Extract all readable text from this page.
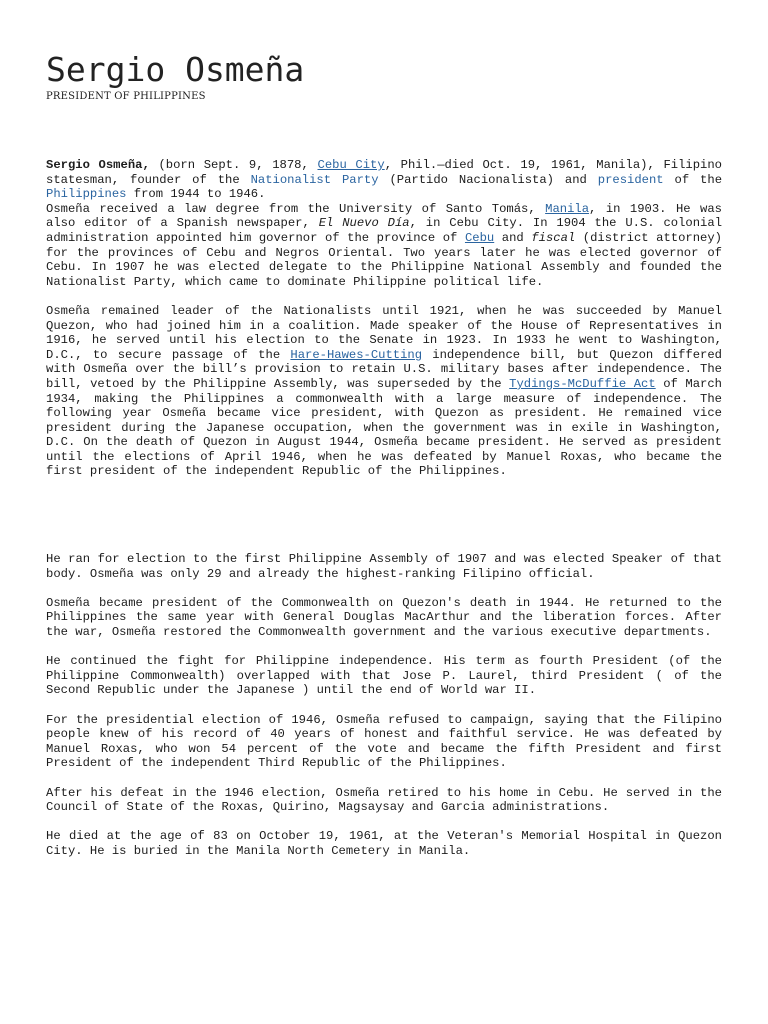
Sergio Osmeña
PRESIDENT OF PHILIPPINES

Sergio Osmeña, (born Sept. 9, 1878, Cebu City, Phil.—died Oct. 19, 1961, Manila), Filipino statesman, founder of the Nationalist Party (Partido Nacionalista) and president of the Philippines from 1944 to 1946.

Osmeña received a law degree from the University of Santo Tomás, Manila, in 1903. He was also editor of a Spanish newspaper, El Nuevo Día, in Cebu City. In 1904 the U.S. colonial administration appointed him governor of the province of Cebu and fiscal (district attorney) for the provinces of Cebu and Negros Oriental. Two years later he was elected governor of Cebu. In 1907 he was elected delegate to the Philippine National Assembly and founded the Nationalist Party, which came to dominate Philippine political life.

Osmeña remained leader of the Nationalists until 1921, when he was succeeded by Manuel Quezon, who had joined him in a coalition. Made speaker of the House of Representatives in 1916, he served until his election to the Senate in 1923. In 1933 he went to Washington, D.C., to secure passage of the Hare-Hawes-Cutting independence bill, but Quezon differed with Osmeña over the bill’s provision to retain U.S. military bases after independence. The bill, vetoed by the Philippine Assembly, was superseded by the Tydings-McDuffie Act of March 1934, making the Philippines a commonwealth with a large measure of independence. The following year Osmeña became vice president, with Quezon as president. He remained vice president during the Japanese occupation, when the government was in exile in Washington, D.C. On the death of Quezon in August 1944, Osmeña became president. He served as president until the elections of April 1946, when he was defeated by Manuel Roxas, who became the first president of the independent Republic of the Philippines.

He ran for election to the first Philippine Assembly of 1907 and was elected Speaker of that body. Osmeña was only 29 and already the highest-ranking Filipino official.

Osmeña became president of the Commonwealth on Quezon's death in 1944. He returned to the Philippines the same year with General Douglas MacArthur and the liberation forces. After the war, Osmeña restored the Commonwealth government and the various executive departments.

He continued the fight for Philippine independence. His term as fourth President (of the Philippine Commonwealth) overlapped with that Jose P. Laurel, third President ( of the Second Republic under the Japanese ) until the end of World war II.

For the presidential election of 1946, Osmeña refused to campaign, saying that the Filipino people knew of his record of 40 years of honest and faithful service. He was defeated by Manuel Roxas, who won 54 percent of the vote and became the fifth President and first President of the independent Third Republic of the Philippines.

After his defeat in the 1946 election, Osmeña retired to his home in Cebu. He served in the Council of State of the Roxas, Quirino, Magsaysay and Garcia administrations.

He died at the age of 83 on October 19, 1961, at the Veteran's Memorial Hospital in Quezon City. He is buried in the Manila North Cemetery in Manila.
